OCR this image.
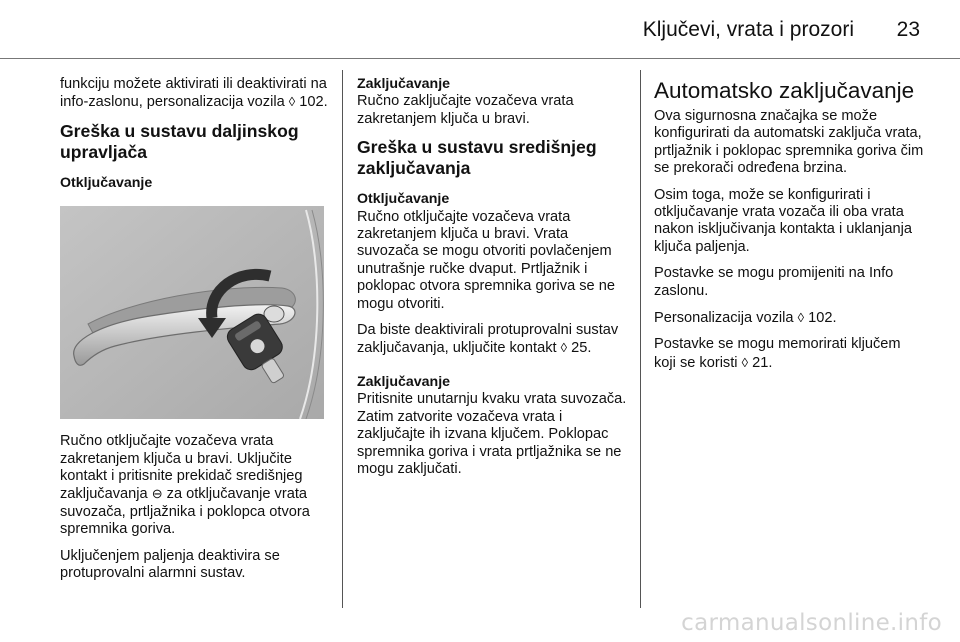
Ključevi, vrata i prozori 23

funkciju možete aktivirati ili deaktivirati na info-zaslonu, personalizacija vozila ◊ 102.

Greška u sustavu daljinskog upravljača
Otključavanje

Ručno otključajte vozačeva vrata zakretanjem ključa u bravi. Uključite kontakt i pritisnite prekidač središnjeg zaključavanja ⊖ za otključavanje vrata suvozača, prtljažnika i poklopca otvora spremnika goriva.

Uključenjem paljenja deaktivira se protuprovalni alarmni sustav.

Zaključavanje

Ručno zaključajte vozačeva vrata zakretanjem ključa u bravi.

Greška u sustavu središnjeg zaključavanja
Otključavanje

Ručno otključajte vozačeva vrata zakretanjem ključa u bravi. Vrata suvozača se mogu otvoriti povlačenjem unutrašnje ručke dvaput. Prtljažnik i poklopac otvora spremnika goriva se ne mogu otvoriti.

Da biste deaktivirali protuprovalni sustav zaključavanja, uključite kontakt ◊ 25.

Zaključavanje

Pritisnite unutarnju kvaku vrata suvozača. Zatim zatvorite vozačeva vrata i zaključajte ih izvana ključem. Poklopac spremnika goriva i vrata prtljažnika se ne mogu zaključati.

Automatsko zaključavanje

Ova sigurnosna značajka se može konfigurirati da automatski zaključa vrata, prtljažnik i poklopac spremnika goriva čim se prekorači određena brzina.

Osim toga, može se konfigurirati i otključavanje vrata vozača ili oba vrata nakon isključivanja kontakta i uklanjanja ključa paljenja.

Postavke se mogu promijeniti na Info zaslonu.

Personalizacija vozila ◊ 102.

Postavke se mogu memorirati ključem koji se koristi ◊ 21.

carmanualsonline.info
